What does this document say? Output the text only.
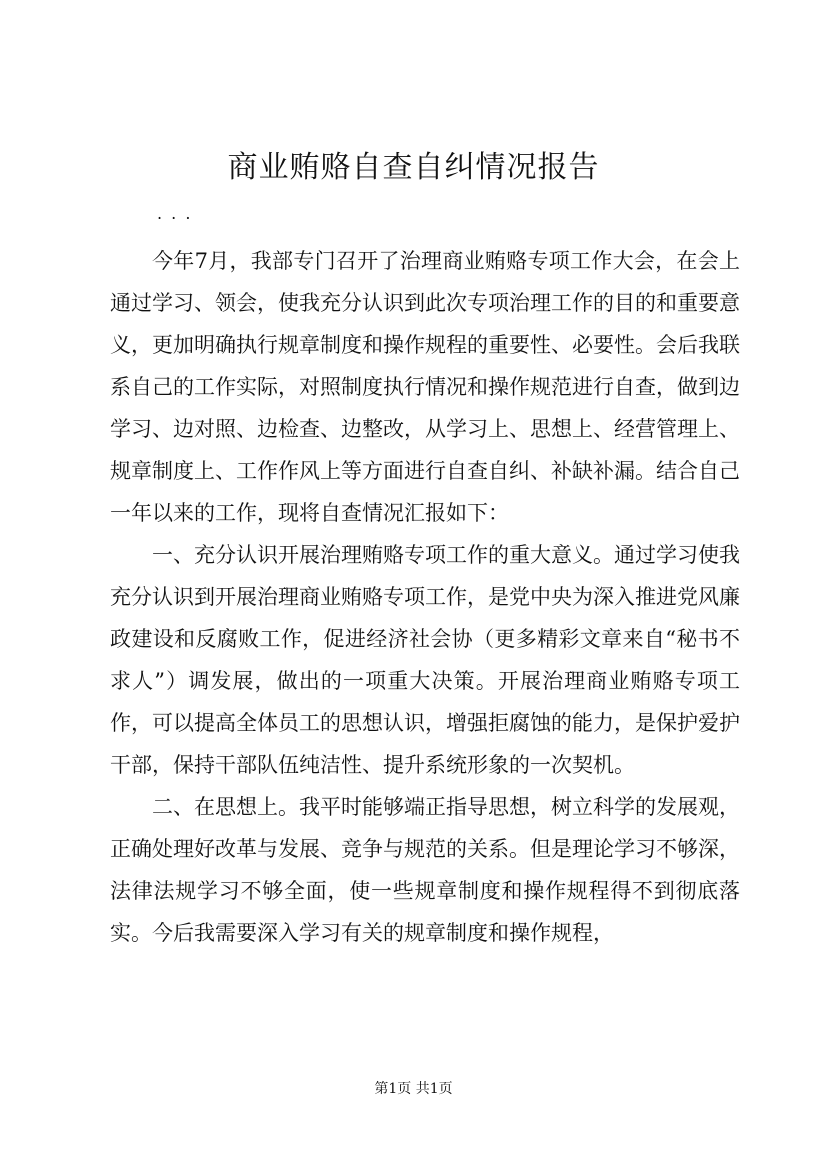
商业贿赂自查自纠情况报告
. . .

今年7月，我部专门召开了治理商业贿赂专项工作大会，在会上通过学习、领会，使我充分认识到此次专项治理工作的目的和重要意义，更加明确执行规章制度和操作规程的重要性、必要性。会后我联系自己的工作实际，对照制度执行情况和操作规范进行自查，做到边学习、边对照、边检查、边整改，从学习上、思想上、经营管理上、规章制度上、工作作风上等方面进行自查自纠、补缺补漏。结合自己一年以来的工作，现将自查情况汇报如下：

一、充分认识开展治理贿赂专项工作的重大意义。通过学习使我充分认识到开展治理商业贿赂专项工作，是党中央为深入推进党风廉政建设和反腐败工作，促进经济社会协（更多精彩文章来自“秘书不求人”）调发展，做出的一项重大决策。开展治理商业贿赂专项工作，可以提高全体员工的思想认识，增强拒腐蚀的能力，是保护爱护干部，保持干部队伍纯洁性、提升系统形象的一次契机。

二、在思想上。我平时能够端正指导思想，树立科学的发展观，正确处理好改革与发展、竞争与规范的关系。但是理论学习不够深，法律法规学习不够全面，使一些规章制度和操作规程得不到彻底落实。今后我需要深入学习有关的规章制度和操作规程，

第1页 共1页
